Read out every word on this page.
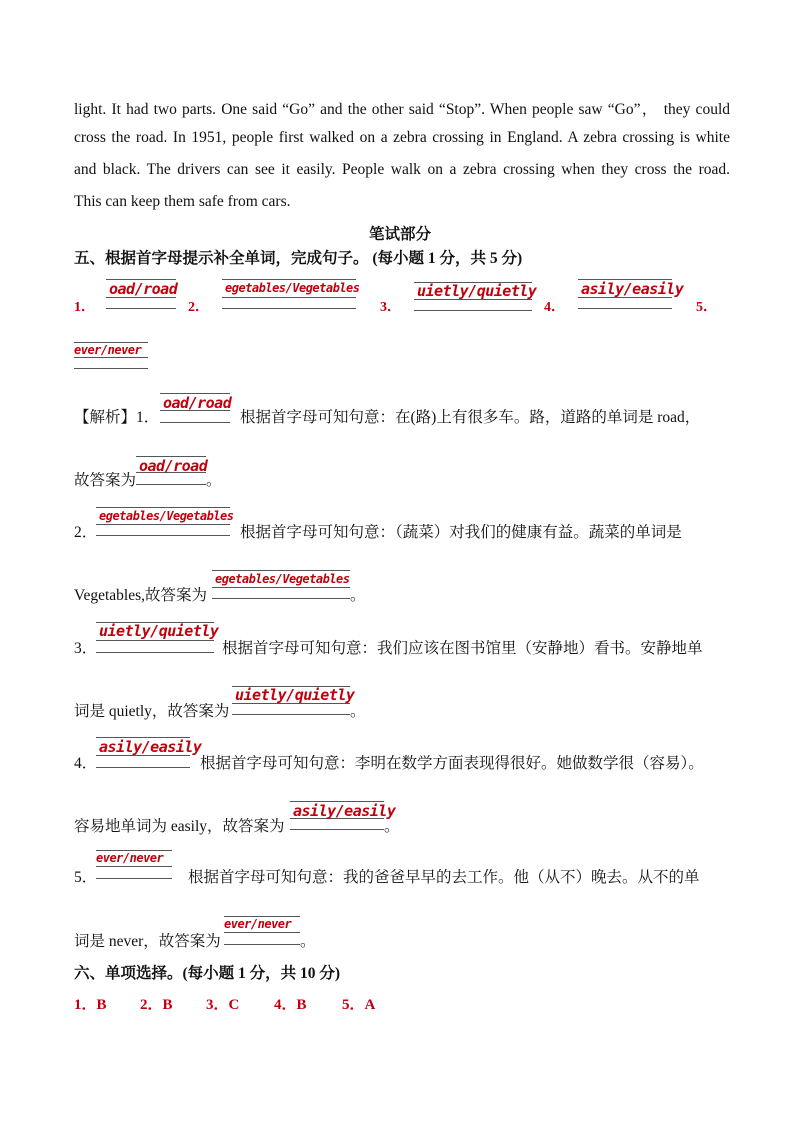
light. It had two parts. One said “Go” and the other said “Stop”. When people saw “Go”， they could
cross the road. In 1951, people first walked on a zebra crossing in England. A zebra crossing is white
and black. The drivers can see it easily. People walk on a zebra crossing when they cross the road.
This can keep them safe from cars.
笔试部分
五、根据首字母提示补全单词，完成句子。 (每小题 1 分，共 5 分)
1．
oad/road
2．
egetables/Vegetables
3．
uietly/quietly
4．
asily/easily
5．
ever/never
【解析】1．
oad/road
根据首字母可知句意：在(路)上有很多车。路，道路的单词是 road，
故答案为
oad/road
。
2．
egetables/Vegetables
根据首字母可知句意：（蔬菜）对我们的健康有益。蔬菜的单词是
Vegetables,故答案为
egetables/Vegetables
。
3．
uietly/quietly
根据首字母可知句意：我们应该在图书馆里（安静地）看书。安静地单
词是 quietly，故答案为
uietly/quietly
。
4．
asily/easily
根据首字母可知句意：李明在数学方面表现得很好。她做数学很（容易）。
容易地单词为 easily，故答案为
asily/easily
。
5．
ever/never
根据首字母可知句意：我的爸爸早早的去工作。他（从不）晚去。从不的单
词是 never，故答案为
ever/never
。
六、单项选择。(每小题 1 分，共 10 分)
1．B 2．B 3．C 4．B 5．A
